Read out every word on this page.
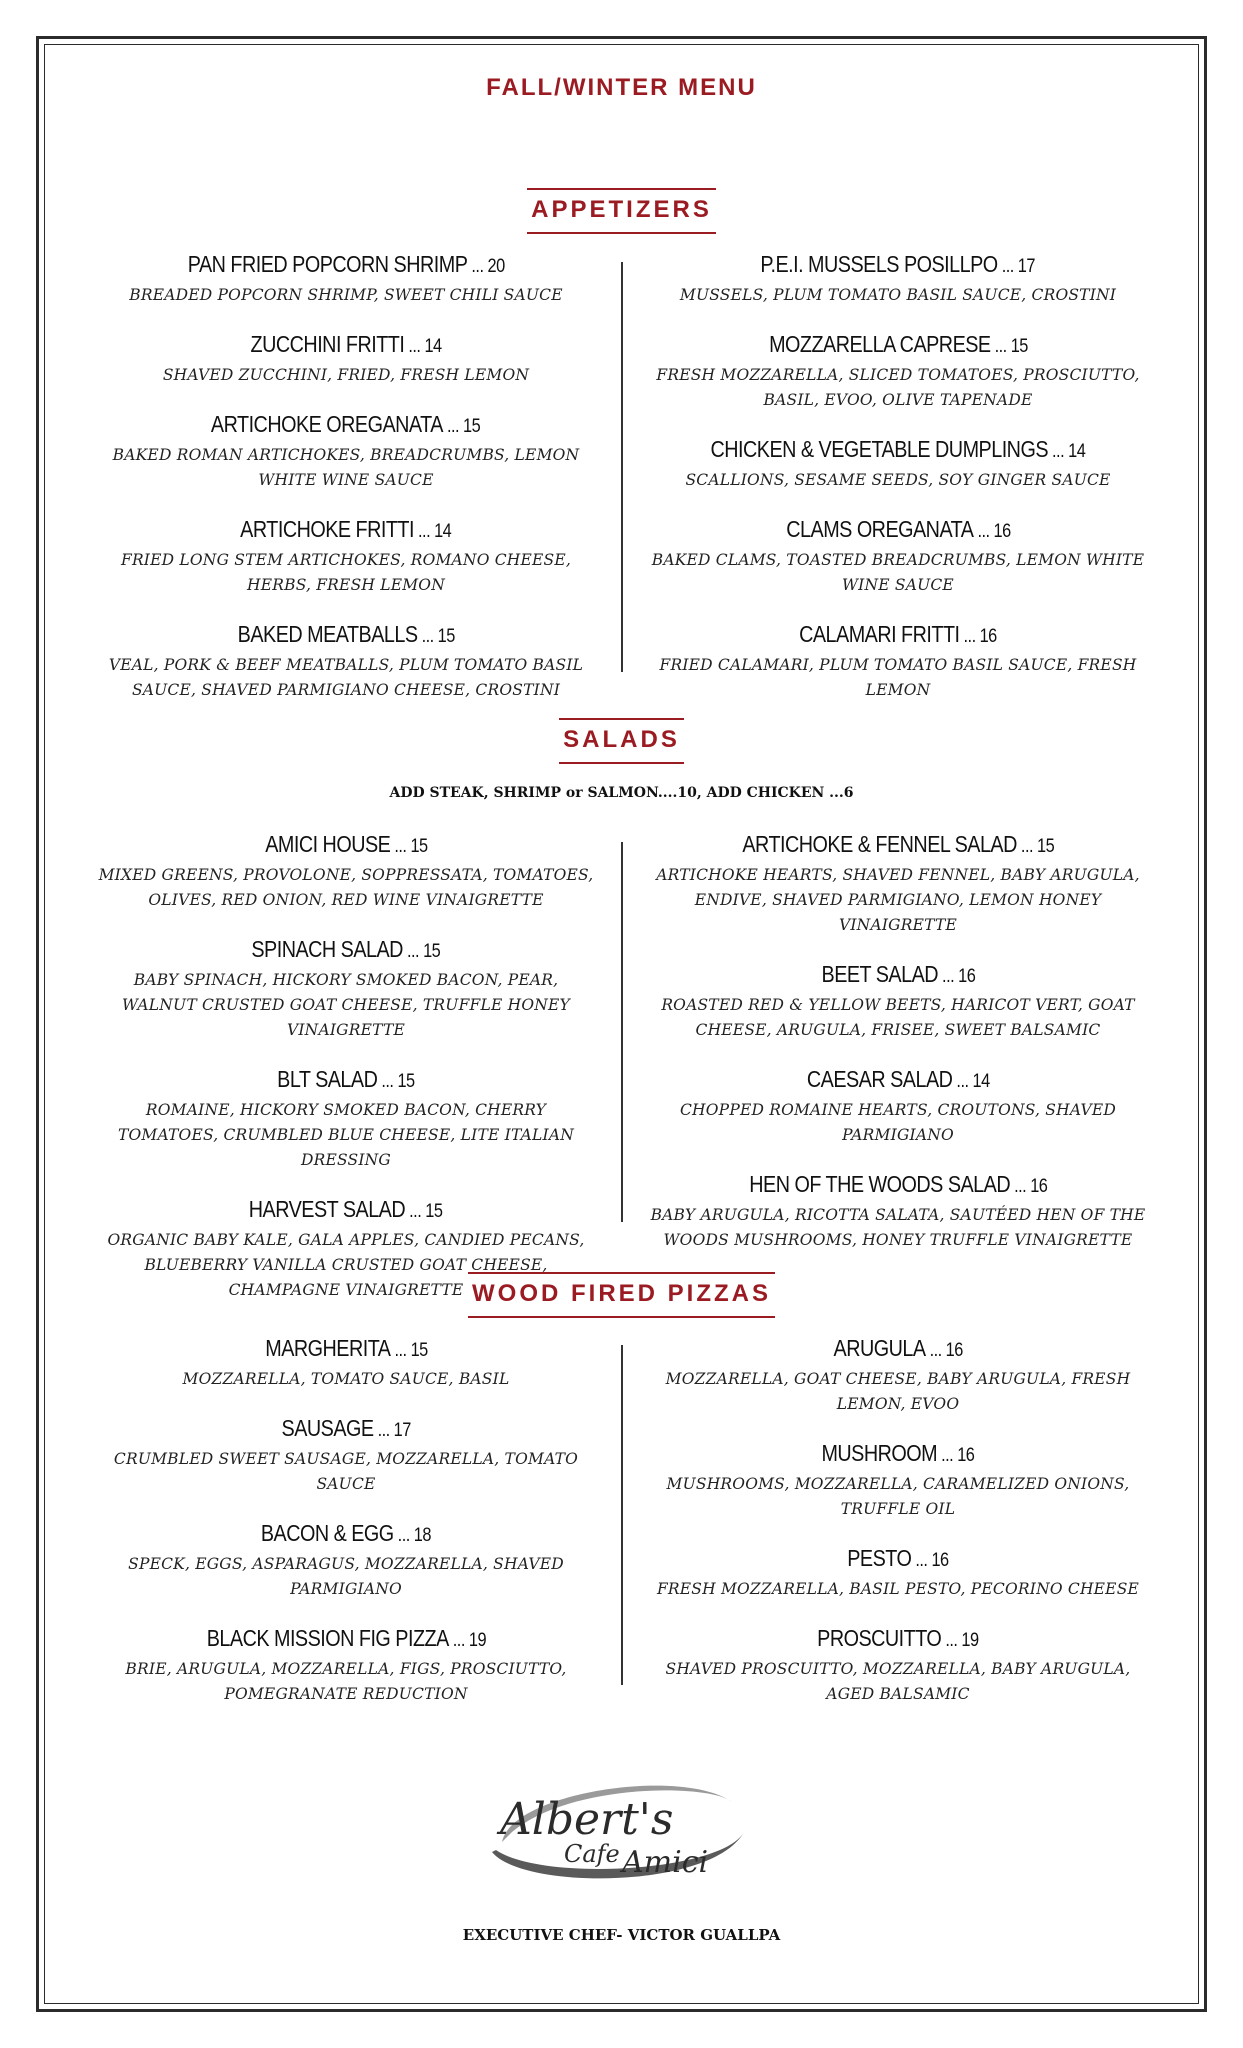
FALL/WINTER MENU
APPETIZERS
PAN FRIED POPCORN SHRIMP ... 20
BREADED POPCORN SHRIMP, SWEET CHILI SAUCE
ZUCCHINI FRITTI ... 14
SHAVED ZUCCHINI, FRIED, FRESH LEMON
ARTICHOKE OREGANATA ... 15
BAKED ROMAN ARTICHOKES, BREADCRUMBS, LEMON WHITE WINE SAUCE
ARTICHOKE FRITTI ... 14
FRIED LONG STEM ARTICHOKES, ROMANO CHEESE, HERBS, FRESH LEMON
BAKED MEATBALLS ... 15
VEAL, PORK & BEEF MEATBALLS, PLUM TOMATO BASIL SAUCE, SHAVED PARMIGIANO CHEESE, CROSTINI
P.E.I. MUSSELS POSILLPO ... 17
MUSSELS, PLUM TOMATO BASIL SAUCE, CROSTINI
MOZZARELLA CAPRESE ... 15
FRESH MOZZARELLA, SLICED TOMATOES, PROSCIUTTO, BASIL, EVOO, OLIVE TAPENADE
CHICKEN & VEGETABLE DUMPLINGS ... 14
SCALLIONS, SESAME SEEDS, SOY GINGER SAUCE
CLAMS OREGANATA ... 16
BAKED CLAMS, TOASTED BREADCRUMBS, LEMON WHITE WINE SAUCE
CALAMARI FRITTI ... 16
FRIED CALAMARI, PLUM TOMATO BASIL SAUCE, FRESH LEMON
SALADS
ADD STEAK, SHRIMP or SALMON....10, ADD CHICKEN ...6
AMICI HOUSE ... 15
MIXED GREENS, PROVOLONE, SOPPRESSATA, TOMATOES, OLIVES, RED ONION, RED WINE VINAIGRETTE
SPINACH SALAD ... 15
BABY SPINACH, HICKORY SMOKED BACON, PEAR, WALNUT CRUSTED GOAT CHEESE, TRUFFLE HONEY VINAIGRETTE
BLT SALAD ... 15
ROMAINE, HICKORY SMOKED BACON, CHERRY TOMATOES, CRUMBLED BLUE CHEESE, LITE ITALIAN DRESSING
HARVEST SALAD ... 15
ORGANIC BABY KALE, GALA APPLES, CANDIED PECANS, BLUEBERRY VANILLA CRUSTED GOAT CHEESE, CHAMPAGNE VINAIGRETTE
ARTICHOKE & FENNEL SALAD ... 15
ARTICHOKE HEARTS, SHAVED FENNEL, BABY ARUGULA, ENDIVE, SHAVED PARMIGIANO, LEMON HONEY VINAIGRETTE
BEET SALAD ... 16
ROASTED RED & YELLOW BEETS, HARICOT VERT, GOAT CHEESE, ARUGULA, FRISEE, SWEET BALSAMIC
CAESAR SALAD ... 14
CHOPPED ROMAINE HEARTS, CROUTONS, SHAVED PARMIGIANO
HEN OF THE WOODS SALAD ... 16
BABY ARUGULA, RICOTTA SALATA, SAUTÉED HEN OF THE WOODS MUSHROOMS, HONEY TRUFFLE VINAIGRETTE
WOOD FIRED PIZZAS
MARGHERITA ... 15
MOZZARELLA, TOMATO SAUCE, BASIL
SAUSAGE ... 17
CRUMBLED SWEET SAUSAGE, MOZZARELLA, TOMATO SAUCE
BACON & EGG ... 18
SPECK, EGGS, ASPARAGUS, MOZZARELLA, SHAVED PARMIGIANO
BLACK MISSION FIG PIZZA ... 19
BRIE, ARUGULA, MOZZARELLA, FIGS, PROSCIUTTO, POMEGRANATE REDUCTION
ARUGULA ... 16
MOZZARELLA, GOAT CHEESE, BABY ARUGULA, FRESH LEMON, EVOO
MUSHROOM ... 16
MUSHROOMS, MOZZARELLA, CARAMELIZED ONIONS, TRUFFLE OIL
PESTO ... 16
FRESH MOZZARELLA, BASIL PESTO, PECORINO CHEESE
PROSCUITTO ... 19
SHAVED PROSCUITTO, MOZZARELLA, BABY ARUGULA, AGED BALSAMIC
Albert's
Cafe Amici
EXECUTIVE CHEF- VICTOR GUALLPA
